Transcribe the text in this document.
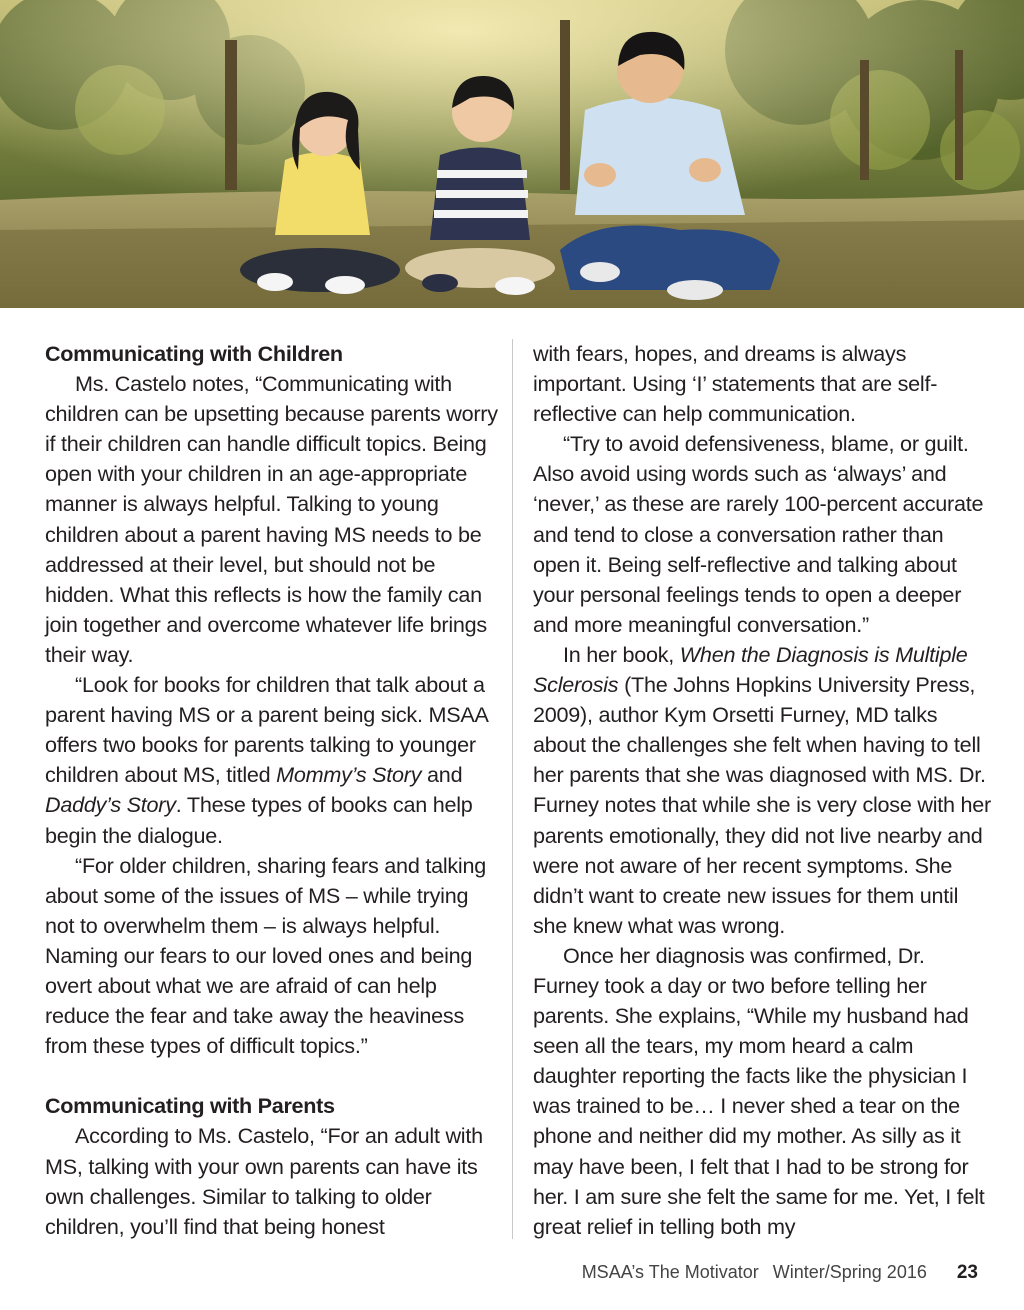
Communicating with Children

Ms. Castelo notes, “Communicating with children can be upsetting because parents worry if their children can handle difficult topics. Being open with your children in an age-appropriate manner is always helpful. Talking to young children about a parent having MS needs to be addressed at their level, but should not be hidden. What this reflects is how the family can join together and overcome whatever life brings their way.

“Look for books for children that talk about a parent having MS or a parent being sick. MSAA offers two books for parents talking to younger children about MS, titled Mommy’s Story and Daddy’s Story. These types of books can help begin the dialogue.

“For older children, sharing fears and talking about some of the issues of MS – while trying not to overwhelm them – is always helpful. Naming our fears to our loved ones and being overt about what we are afraid of can help reduce the fear and take away the heaviness from these types of difficult topics.”

Communicating with Parents

According to Ms. Castelo, “For an adult with MS, talking with your own parents can have its own challenges. Similar to talking to older children, you’ll find that being honest

with fears, hopes, and dreams is always important. Using ‘I’ statements that are self-reflective can help communication.

“Try to avoid defensiveness, blame, or guilt. Also avoid using words such as ‘always’ and ‘never,’ as these are rarely 100-percent accurate and tend to close a conversation rather than open it. Being self-reflective and talking about your personal feelings tends to open a deeper and more meaningful conversation.”

In her book, When the Diagnosis is Multiple Sclerosis (The Johns Hopkins University Press, 2009), author Kym Orsetti Furney, MD talks about the challenges she felt when having to tell her parents that she was diagnosed with MS. Dr. Furney notes that while she is very close with her parents emotionally, they did not live nearby and were not aware of her recent symptoms. She didn’t want to create new issues for them until she knew what was wrong.

Once her diagnosis was confirmed, Dr. Furney took a day or two before telling her parents. She explains, “While my husband had seen all the tears, my mom heard a calm daughter reporting the facts like the physician I was trained to be… I never shed a tear on the phone and neither did my mother. As silly as it may have been, I felt that I had to be strong for her. I am sure she felt the same for me. Yet, I felt great relief in telling both my

MSAA’s The Motivator Winter/Spring 2016 23
